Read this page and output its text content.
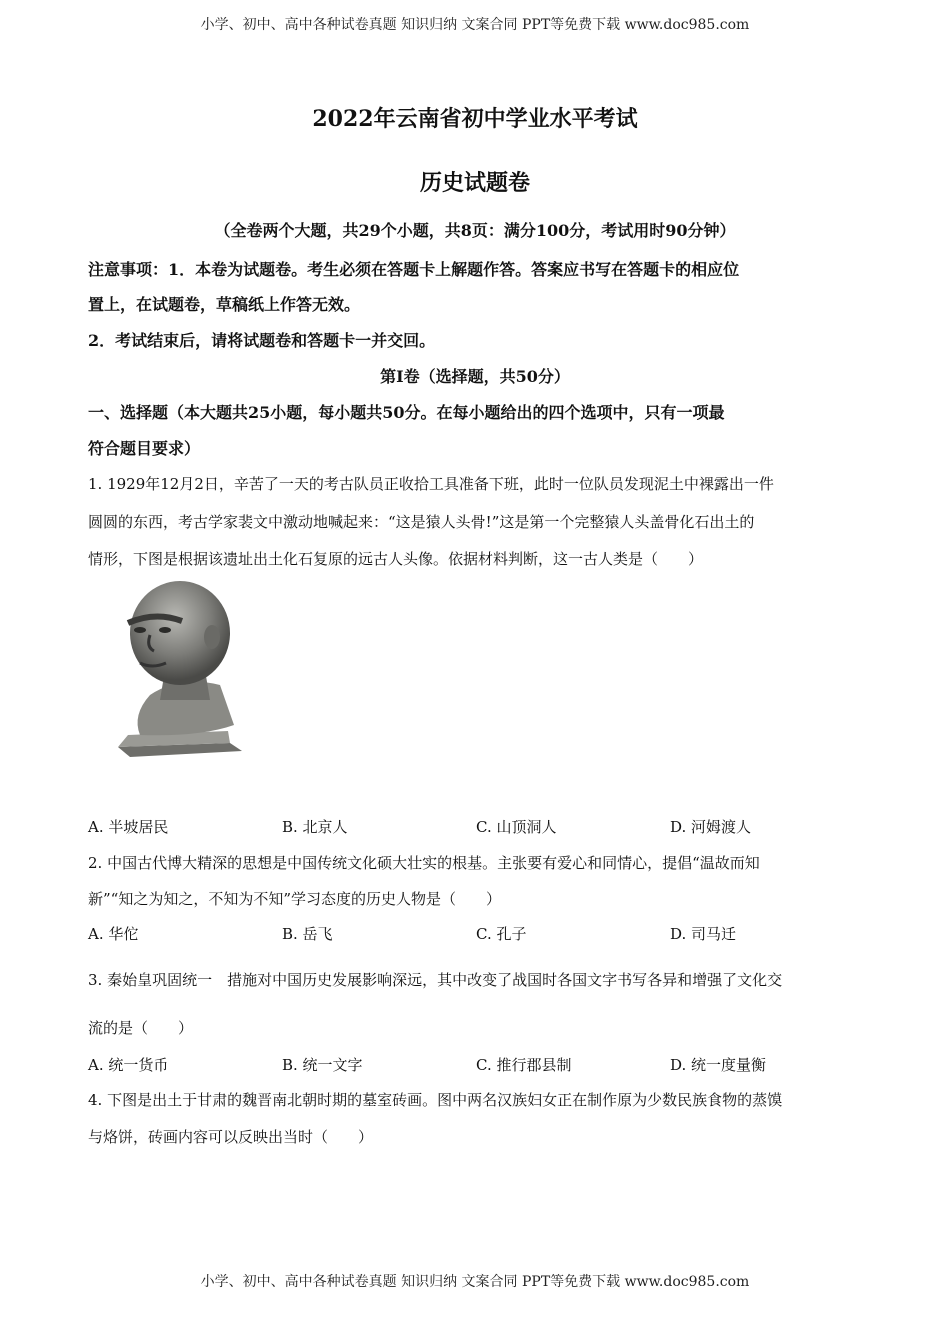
小学、初中、高中各种试卷真题 知识归纳 文案合同 PPT等免费下载 www.doc985.com
2022年云南省初中学业水平考试
历史试题卷
（全卷两个大题，共29个小题，共8页：满分100分，考试用时90分钟）
注意事项：1．本卷为试题卷。考生必须在答题卡上解题作答。答案应书写在答题卡的相应位
置上，在试题卷，草稿纸上作答无效。
2．考试结束后，请将试题卷和答题卡一并交回。
第Ⅰ卷（选择题，共50分）
一、选择题（本大题共25小题，每小题共50分。在每小题给出的四个选项中，只有一项最
符合题目要求）
1. 1929年12月2日，辛苦了一天的考古队员正收拾工具准备下班，此时一位队员发现泥土中裸露出一件
圆圆的东西，考古学家裴文中激动地喊起来：“这是猿人头骨!”这是第一个完整猿人头盖骨化石出土的
情形，下图是根据该遗址出土化石复原的远古人头像。依据材料判断，这一古人类是（　　）
A. 半坡居民	B. 北京人	C. 山顶洞人	D. 河姆渡人
2. 中国古代博大精深的思想是中国传统文化硕大壮实的根基。主张要有爱心和同情心，提倡“温故而知
新”“知之为知之，不知为不知”学习态度的历史人物是（　　）
A. 华佗	B. 岳飞	C. 孔子	D. 司马迁
3. 秦始皇巩固统一　措施对中国历史发展影响深远，其中改变了战国时各国文字书写各异和增强了文化交
流的是（　　）
A. 统一货币	B. 统一文字	C. 推行郡县制	D. 统一度量衡
4. 下图是出土于甘肃的魏晋南北朝时期的墓室砖画。图中两名汉族妇女正在制作原为少数民族食物的蒸馍
与烙饼，砖画内容可以反映出当时（　　）
小学、初中、高中各种试卷真题 知识归纳 文案合同 PPT等免费下载 www.doc985.com
